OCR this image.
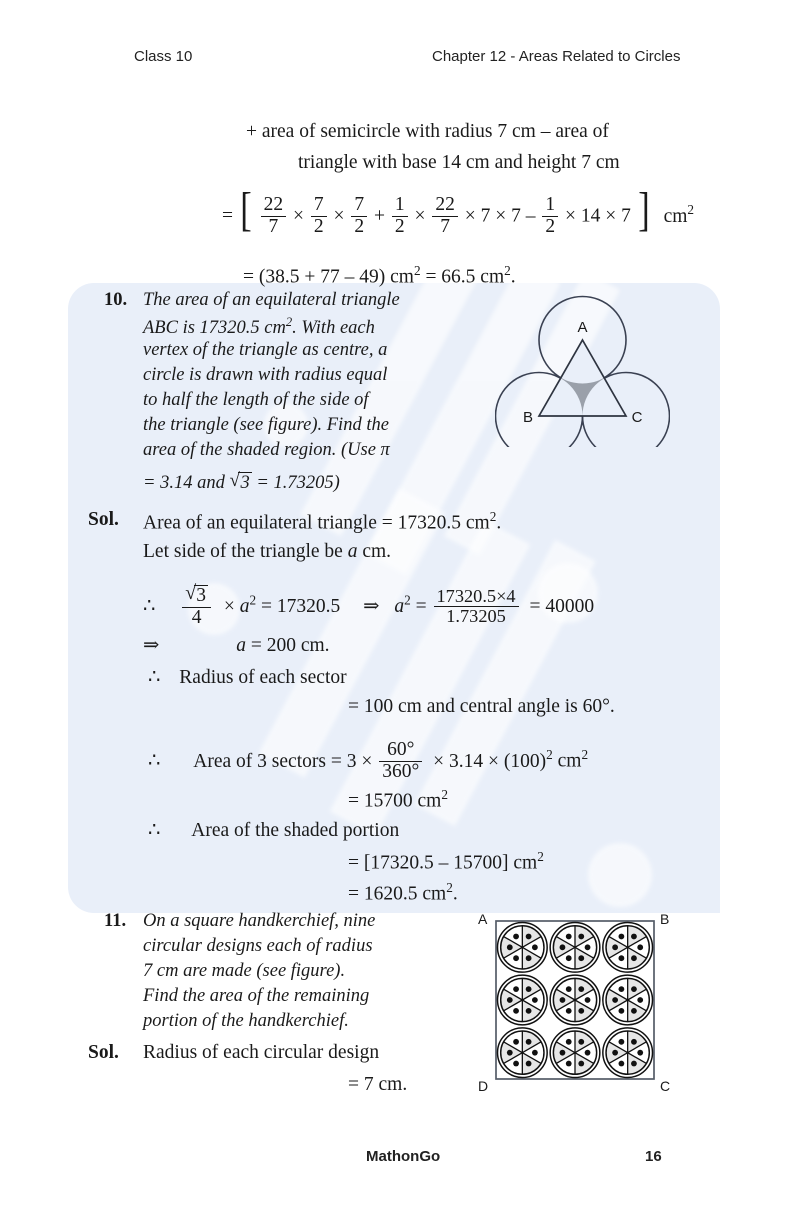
Class 10	Chapter 12 - Areas Related to Circles
+ area of semicircle with radius 7 cm – area of
triangle with base 14 cm and height 7 cm
= [ $\frac{22}{7} \times \frac{7}{2} \times \frac{7}{2} + \frac{1}{2} \times \frac{22}{7} \times 7 \times 7 - \frac{1}{2} \times 14 \times 7$ ] $cm^2$
= (38.5 + 77 – 49) $cm^2 = 66.5$ $cm^2$.
10. The area of an equilateral triangle
ABC is 17320.5 $cm^2$. With each
vertex of the triangle as centre, a
circle is drawn with radius equal
to half the length of the side of
the triangle (see figure). Find the
area of the shaded region. (Use π
= 3.14 and √ 3 = 1.73205)
A
B	C
Sol. Area of an equilateral triangle = 17320.5 $cm^2$.
Let side of the triangle be a cm.
∴ √ $\frac{3}{4} \times a^2 = 17320.5$ ⇒ $a^2 = \frac{17320.5\times 4}{1.73205} = 40000$
⇒	a = 200 cm.
∴ Radius of each sector
= 100 cm and central angle is 60°.
∴ Area of 3 sectors = $3 \times \frac{60^\circ}{360^\circ} \times 3.14 \times (100)^2$ $cm^2$
= 15700 $cm^2$
∴ Area of the shaded portion
= [17320.5 – 15700] $cm^2$
= 1620.5 $cm^2$.
11. On a square handkerchief, nine
circular designs each of radius
7 cm are made (see figure).
Find the area of the remaining
portion of the handkerchief.
Sol. Radius of each circular design
= 7 cm.
A	B
C
D
MathonGo	16
